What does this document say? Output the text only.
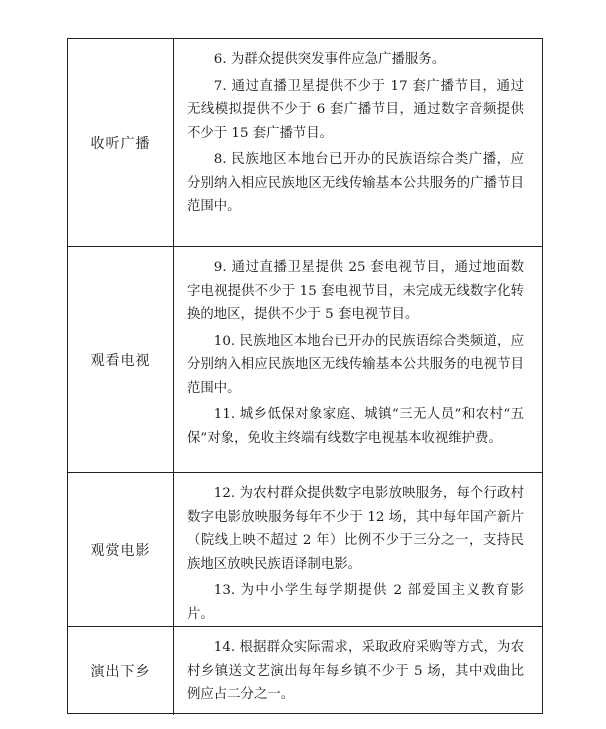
收听广播

6. 为群众提供突发事件应急广播服务。

7. 通过直播卫星提供不少于 17 套广播节目，通过无线模拟提供不少于 6 套广播节目，通过数字音频提供不少于 15 套广播节目。

8. 民族地区本地台已开办的民族语综合类广播，应分别纳入相应民族地区无线传输基本公共服务的广播节目范围中。

观看电视

9. 通过直播卫星提供 25 套电视节目，通过地面数字电视提供不少于 15 套电视节目，未完成无线数字化转换的地区，提供不少于 5 套电视节目。

10. 民族地区本地台已开办的民族语综合类频道，应分别纳入相应民族地区无线传输基本公共服务的电视节目范围中。

11. 城乡低保对象家庭、城镇“三无人员”和农村“五保”对象，免收主终端有线数字电视基本收视维护费。

观赏电影

12. 为农村群众提供数字电影放映服务，每个行政村数字电影放映服务每年不少于 12 场，其中每年国产新片（院线上映不超过 2 年）比例不少于三分之一，支持民族地区放映民族语译制电影。

13. 为中小学生每学期提供 2 部爱国主义教育影片。

演出下乡

14. 根据群众实际需求，采取政府采购等方式，为农村乡镇送文艺演出每年每乡镇不少于 5 场，其中戏曲比例应占二分之一。
